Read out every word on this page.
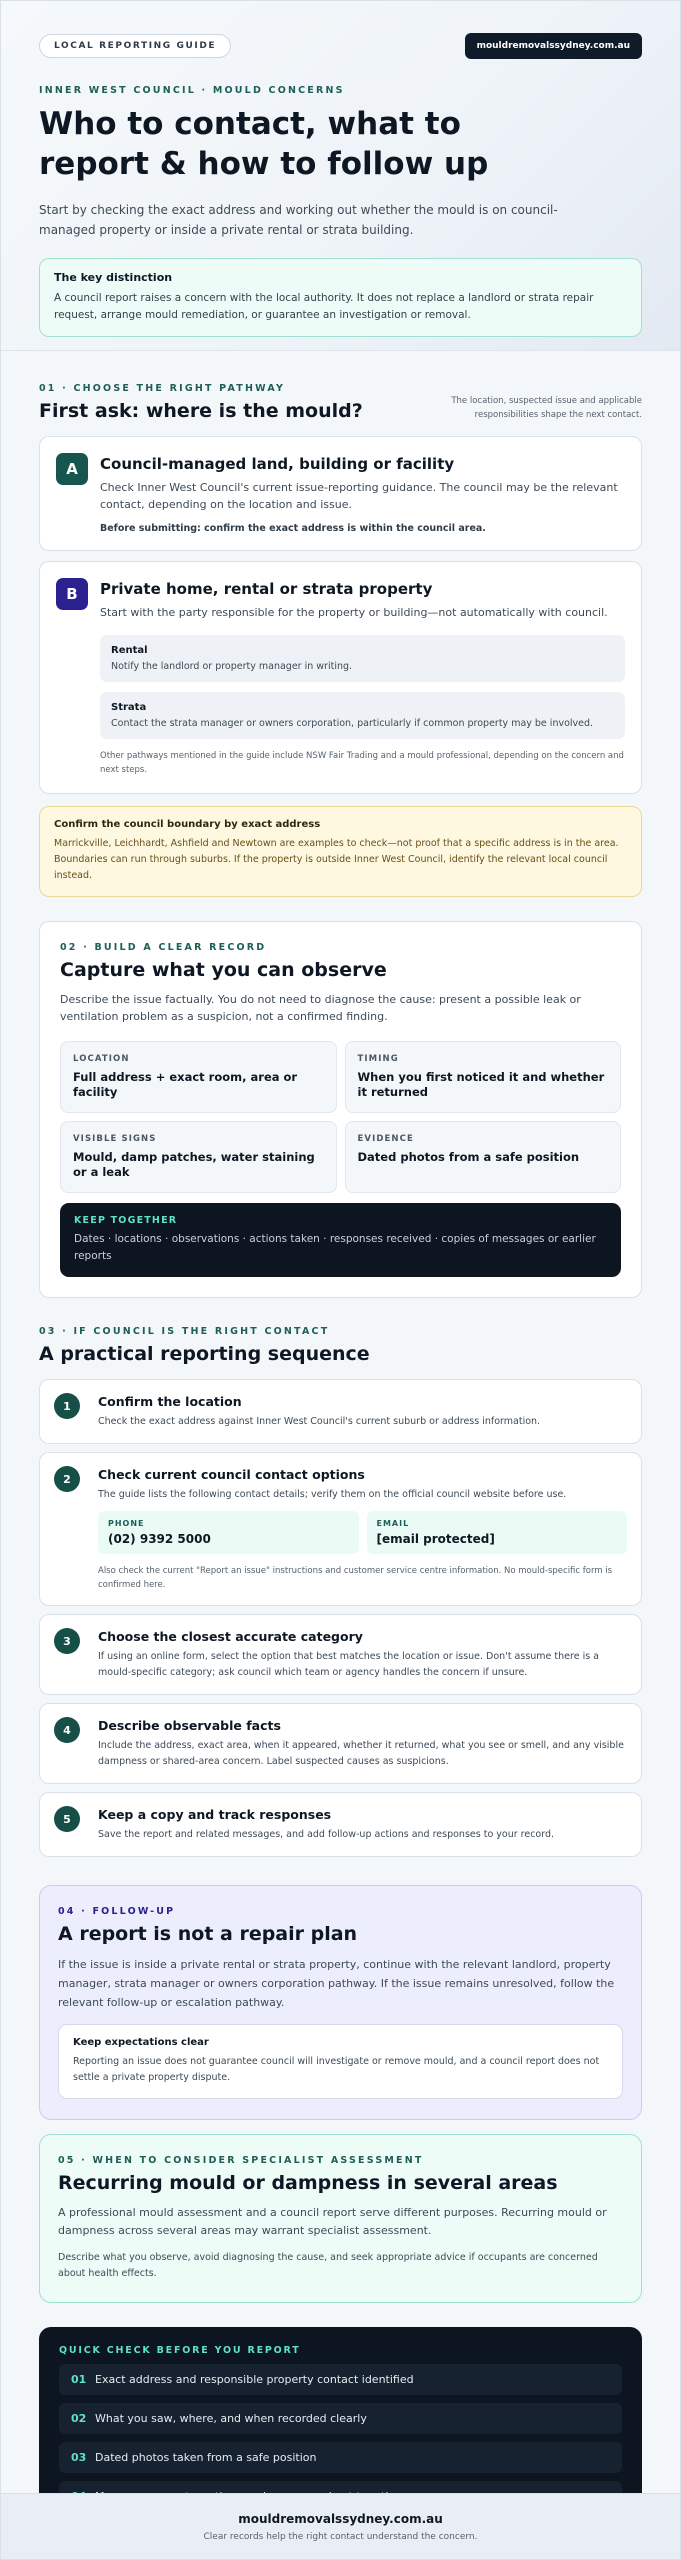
LOCAL REPORTING GUIDE	mouldremovalssydney.com.au
INNER WEST COUNCIL · MOULD CONCERNS
Who to contact, what to report & how to follow up

Start by checking the exact address and working out whether the mould is on council-managed property or inside a private rental or strata building.

The key distinction
A council report raises a concern with the local authority. It does not replace a landlord or strata repair request, arrange mould remediation, or guarantee an investigation or removal.
01 · CHOOSE THE RIGHT PATHWAY
First ask: where is the mould?	The location, suspected issue and applicable responsibilities shape the next contact.
A	Council-managed land, building or facility
Check Inner West Council's current issue-reporting guidance. The council may be the relevant contact, depending on the location and issue.
Before submitting: confirm the exact address is within the council area.
B	Private home, rental or strata property
Start with the party responsible for the property or building—not automatically with council.
Rental
Notify the landlord or property manager in writing.
Strata
Contact the strata manager or owners corporation, particularly if common property may be involved.
Other pathways mentioned in the guide include NSW Fair Trading and a mould professional, depending on the concern and next steps.
Confirm the council boundary by exact address
Marrickville, Leichhardt, Ashfield and Newtown are examples to check—not proof that a specific address is in the area. Boundaries can run through suburbs. If the property is outside Inner West Council, identify the relevant local council instead.
02 · BUILD A CLEAR RECORD
Capture what you can observe

Describe the issue factually. You do not need to diagnose the cause: present a possible leak or ventilation problem as a suspicion, not a confirmed finding.

LOCATION
Full address + exact room, area or facility
TIMING
When you first noticed it and whether it returned
VISIBLE SIGNS
Mould, damp patches, water staining or a leak
EVIDENCE
Dated photos from a safe position
KEEP TOGETHER
Dates · locations · observations · actions taken · responses received · copies of messages or earlier reports
03 · IF COUNCIL IS THE RIGHT CONTACT
A practical reporting sequence
1	Confirm the location
Check the exact address against Inner West Council's current suburb or address information.
2	Check current council contact options
The guide lists the following contact details; verify them on the official council website before use.
PHONE
(02) 9392 5000
EMAIL
[email protected]
Also check the current "Report an issue" instructions and customer service centre information. No mould-specific form is confirmed here.
3	Choose the closest accurate category
If using an online form, select the option that best matches the location or issue. Don't assume there is a mould-specific category; ask council which team or agency handles the concern if unsure.
4	Describe observable facts
Include the address, exact area, when it appeared, whether it returned, what you see or smell, and any visible dampness or shared-area concern. Label suspected causes as suspicions.
5	Keep a copy and track responses
Save the report and related messages, and add follow-up actions and responses to your record.
04 · FOLLOW-UP
A report is not a repair plan

If the issue is inside a private rental or strata property, continue with the relevant landlord, property manager, strata manager or owners corporation pathway. If the issue remains unresolved, follow the relevant follow-up or escalation pathway.

Keep expectations clear
Reporting an issue does not guarantee council will investigate or remove mould, and a council report does not settle a private property dispute.
05 · WHEN TO CONSIDER SPECIALIST ASSESSMENT
Recurring mould or dampness in several areas

A professional mould assessment and a council report serve different purposes. Recurring mould or dampness across several areas may warrant specialist assessment.

Describe what you observe, avoid diagnosing the cause, and seek appropriate advice if occupants are concerned about health effects.

QUICK CHECK BEFORE YOU REPORT
01 Exact address and responsible property contact identified
02 What you saw, where, and when recorded clearly
03 Dated photos taken from a safe position
mouldremovalssydney.com.au
Clear records help the right contact understand the concern.
